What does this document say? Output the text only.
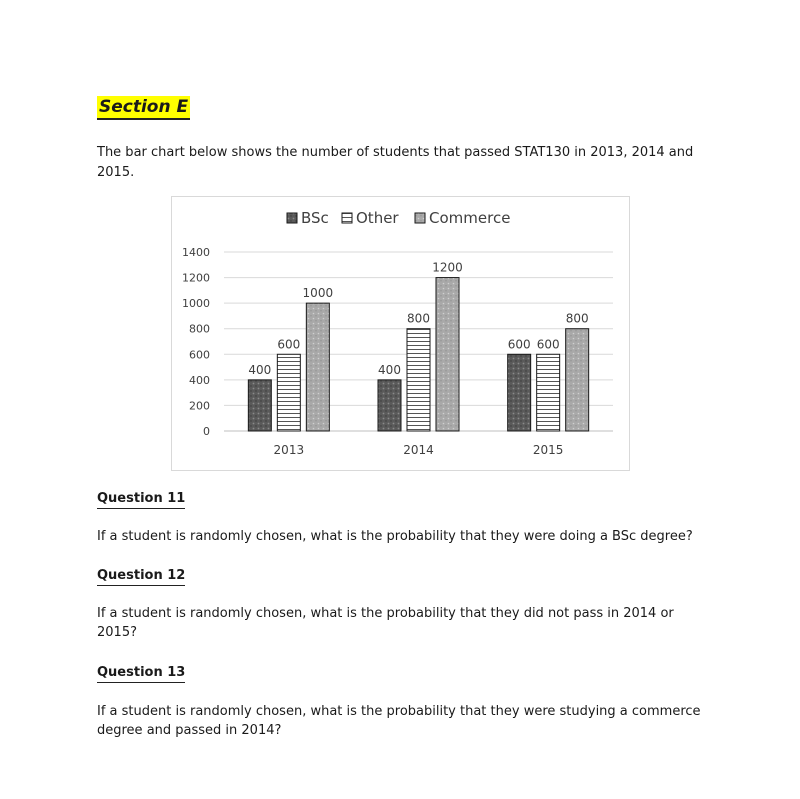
Section E
The bar chart below shows the number of students that passed STAT130 in 2013, 2014 and 2015.
0
200
400
600
800
1000
1200
1400
400
600
1000
2013
400
800
1200
2014
600 600
800
2015
BSc Other Commerce
Question 11
If a student is randomly chosen, what is the probability that they were doing a BSc degree?
Question 12
If a student is randomly chosen, what is the probability that they did not pass in 2014 or 2015?
Question 13
If a student is randomly chosen, what is the probability that they were studying a commerce degree and passed in 2014?
